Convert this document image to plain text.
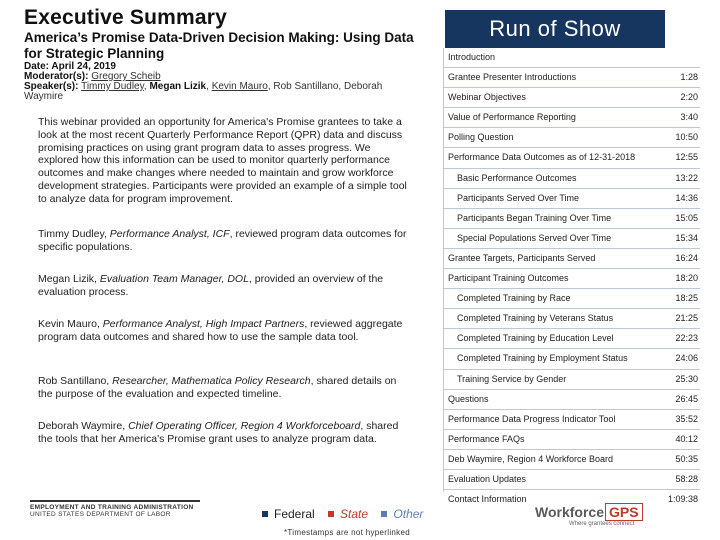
Executive Summary
America’s Promise Data-Driven Decision Making: Using Data for Strategic Planning
Date: April 24, 2019
Moderator(s): Gregory Scheib
Speaker(s): Timmy Dudley, Megan Lizik, Kevin Mauro, Rob Santillano, Deborah Waymire
This webinar provided an opportunity for America's Promise grantees to take a look at the most recent Quarterly Performance Report (QPR) data and discuss promising practices on using grant program data to asses progress. We explored how this information can be used to monitor quarterly performance outcomes and make changes where needed to maintain and grow workforce development strategies. Participants were provided an example of a simple tool to analyze data for program improvement.
Timmy Dudley, Performance Analyst, ICF, reviewed program data outcomes for specific populations.
Megan Lizik, Evaluation Team Manager, DOL, provided an overview of the evaluation process.
Kevin Mauro, Performance Analyst, High Impact Partners, reviewed aggregate program data outcomes and shared how to use the sample data tool.
Rob Santillano, Researcher, Mathematica Policy Research, shared details on the purpose of the evaluation and expected timeline.
Deborah Waymire, Chief Operating Officer, Region 4 Workforceboard, shared the tools that her America's Promise grant uses to analyze program data.
Run of Show
Introduction
Grantee Presenter Introductions	1:28
Webinar Objectives	2:20
Value of Performance Reporting	3:40
Polling Question	10:50
Performance Data Outcomes as of 12-31-2018	12:55
Basic Performance Outcomes	13:22
Participants Served Over Time	14:36
Participants Began Training Over Time	15:05
Special Populations Served Over Time	15:34
Grantee Targets, Participants Served	16:24
Participant Training Outcomes	18:20
Completed Training by Race	18:25
Completed Training by Veterans Status	21:25
Completed Training by Education Level	22:23
Completed Training by Employment Status	24:06
Training Service by Gender	25:30
Questions	26:45
Performance Data Progress Indicator Tool	35:52
Performance FAQs	40:12
Deb Waymire, Region 4 Workforce Board	50:35
Evaluation Updates	58:28
Contact Information	1:09:38
EMPLOYMENT AND TRAINING ADMINISTRATION
UNITED STATES DEPARTMENT OF LABOR	Federal State Other
*Timestamps are not hyperlinked
Workforce GPS
Where grantees connect
